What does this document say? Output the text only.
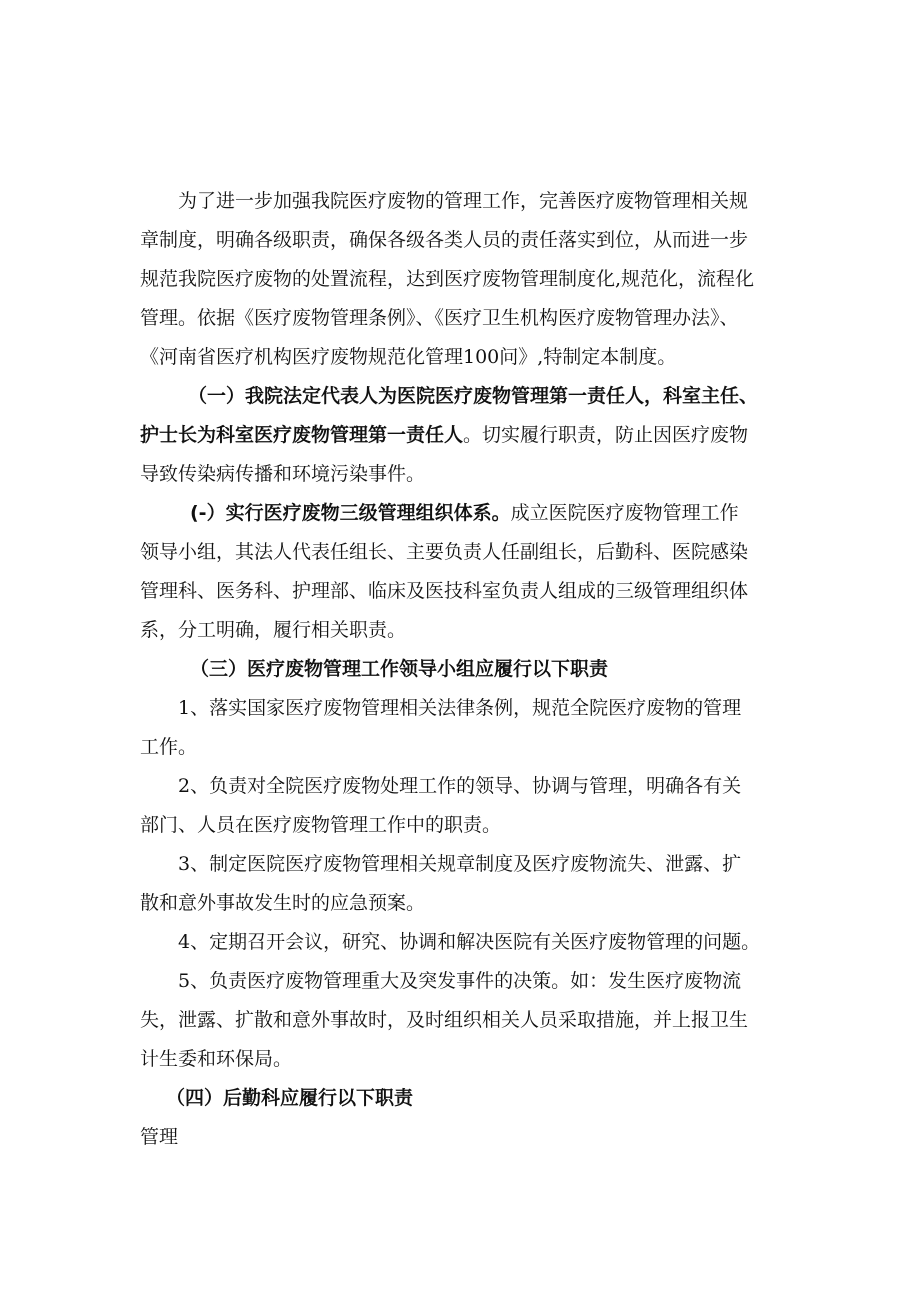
为了进一步加强我院医疗废物的管理工作，完善医疗废物管理相关规
章制度，明确各级职责，确保各级各类人员的责任落实到位，从而进一步
规范我院医疗废物的处置流程，达到医疗废物管理制度化,规范化，流程化
管理。依据《医疗废物管理条例》、《医疗卫生机构医疗废物管理办法》、
《河南省医疗机构医疗废物规范化管理100问》,特制定本制度。
（一）我院法定代表人为医院医疗废物管理第一责任人，科室主任、
护士长为科室医疗废物管理第一责任人。切实履行职责，防止因医疗废物
导致传染病传播和环境污染事件。
(-）实行医疗废物三级管理组织体系。成立医院医疗废物管理工作
领导小组，其法人代表任组长、主要负责人任副组长，后勤科、医院感染
管理科、医务科、护理部、临床及医技科室负责人组成的三级管理组织体
系，分工明确，履行相关职责。
（三）医疗废物管理工作领导小组应履行以下职责
1、落实国家医疗废物管理相关法律条例，规范全院医疗废物的管理
工作。
2、负责对全院医疗废物处理工作的领导、协调与管理，明确各有关
部门、人员在医疗废物管理工作中的职责。
3、制定医院医疗废物管理相关规章制度及医疗废物流失、泄露、扩
散和意外事故发生时的应急预案。
4、定期召开会议，研究、协调和解决医院有关医疗废物管理的问题。
5、负责医疗废物管理重大及突发事件的决策。如：发生医疗废物流
失，泄露、扩散和意外事故时，及时组织相关人员采取措施，并上报卫生
计生委和环保局。
（四）后勤科应履行以下职责
管理
